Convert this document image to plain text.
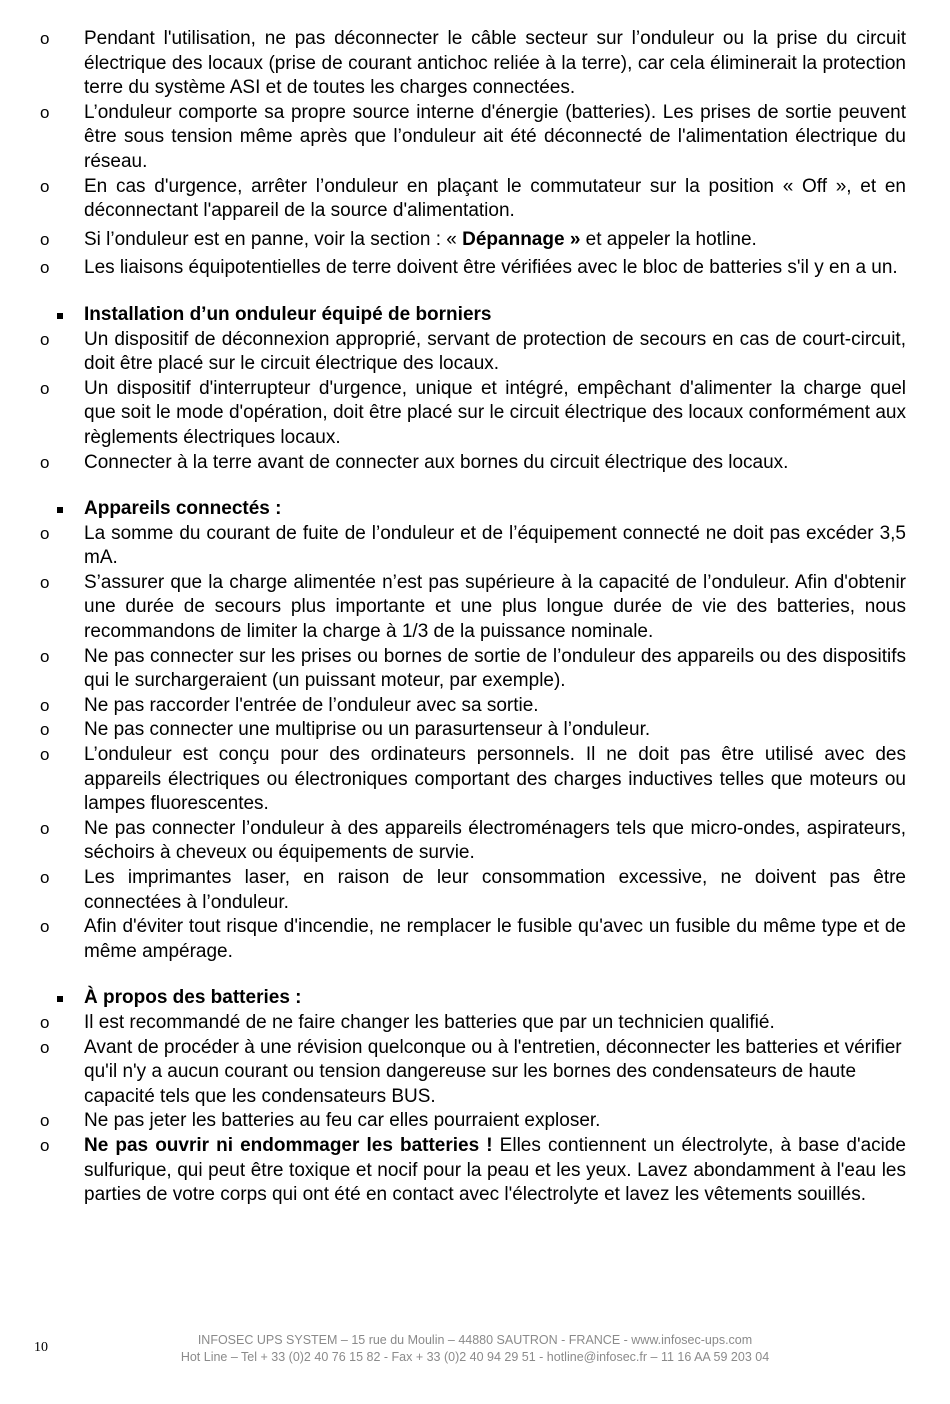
o Pendant l'utilisation, ne pas déconnecter le câble secteur sur l’onduleur ou la prise du circuit électrique des locaux (prise de courant antichoc reliée à la terre), car cela éliminerait la protection terre du système ASI et de toutes les charges connectées.
o L’onduleur comporte sa propre source interne d'énergie (batteries). Les prises de sortie peuvent être sous tension même après que l’onduleur ait été déconnecté de l'alimentation électrique du réseau.
o En cas d'urgence, arrêter l’onduleur en plaçant le commutateur sur la position « Off », et en déconnectant l'appareil de la source d'alimentation.
o Si l’onduleur est en panne, voir la section : « Dépannage » et appeler la hotline.
o Les liaisons équipotentielles de terre doivent être vérifiées avec le bloc de batteries s'il y en a un.
Installation d’un onduleur équipé de borniers
o Un dispositif de déconnexion approprié, servant de protection de secours en cas de court-circuit, doit être placé sur le circuit électrique des locaux.
o Un dispositif d'interrupteur d'urgence, unique et intégré, empêchant d'alimenter la charge quel que soit le mode d'opération, doit être placé sur le circuit électrique des locaux conformément aux règlements électriques locaux.
o Connecter à la terre avant de connecter aux bornes du circuit électrique des locaux.
Appareils connectés :
o La somme du courant de fuite de l’onduleur et de l’équipement connecté ne doit pas excéder 3,5 mA.
o S’assurer que la charge alimentée n’est pas supérieure à la capacité de l’onduleur. Afin d'obtenir une durée de secours plus importante et une plus longue durée de vie des batteries, nous recommandons de limiter la charge à 1/3 de la puissance nominale.
o Ne pas connecter sur les prises ou bornes de sortie de l’onduleur des appareils ou des dispositifs qui le surchargeraient (un puissant moteur, par exemple).
o Ne pas raccorder l'entrée de l’onduleur avec sa sortie.
o Ne pas connecter une multiprise ou un parasurtenseur à l’onduleur.
o L’onduleur est conçu pour des ordinateurs personnels. Il ne doit pas être utilisé avec des appareils électriques ou électroniques comportant des charges inductives telles que moteurs ou lampes fluorescentes.
o Ne pas connecter l’onduleur à des appareils électroménagers tels que micro-ondes, aspirateurs, séchoirs à cheveux ou équipements de survie.
o Les imprimantes laser, en raison de leur consommation excessive, ne doivent pas être connectées à l’onduleur.
o Afin d'éviter tout risque d'incendie, ne remplacer le fusible qu'avec un fusible du même type et de même ampérage.
À propos des batteries :
o Il est recommandé de ne faire changer les batteries que par un technicien qualifié.
o Avant de procéder à une révision quelconque ou à l'entretien, déconnecter les batteries et vérifier qu'il n'y a aucun courant ou tension dangereuse sur les bornes des condensateurs de haute capacité tels que les condensateurs BUS.
o Ne pas jeter les batteries au feu car elles pourraient exploser.
o Ne pas ouvrir ni endommager les batteries ! Elles contiennent un électrolyte, à base d'acide sulfurique, qui peut être toxique et nocif pour la peau et les yeux. Lavez abondamment à l'eau les parties de votre corps qui ont été en contact avec l'électrolyte et lavez les vêtements souillés.
10	INFOSEC UPS SYSTEM – 15 rue du Moulin – 44880 SAUTRON - FRANCE - www.infosec-ups.com
Hot Line – Tel + 33 (0)2 40 76 15 82 - Fax + 33 (0)2 40 94 29 51 - hotline@infosec.fr – 11 16 AA 59 203 04
